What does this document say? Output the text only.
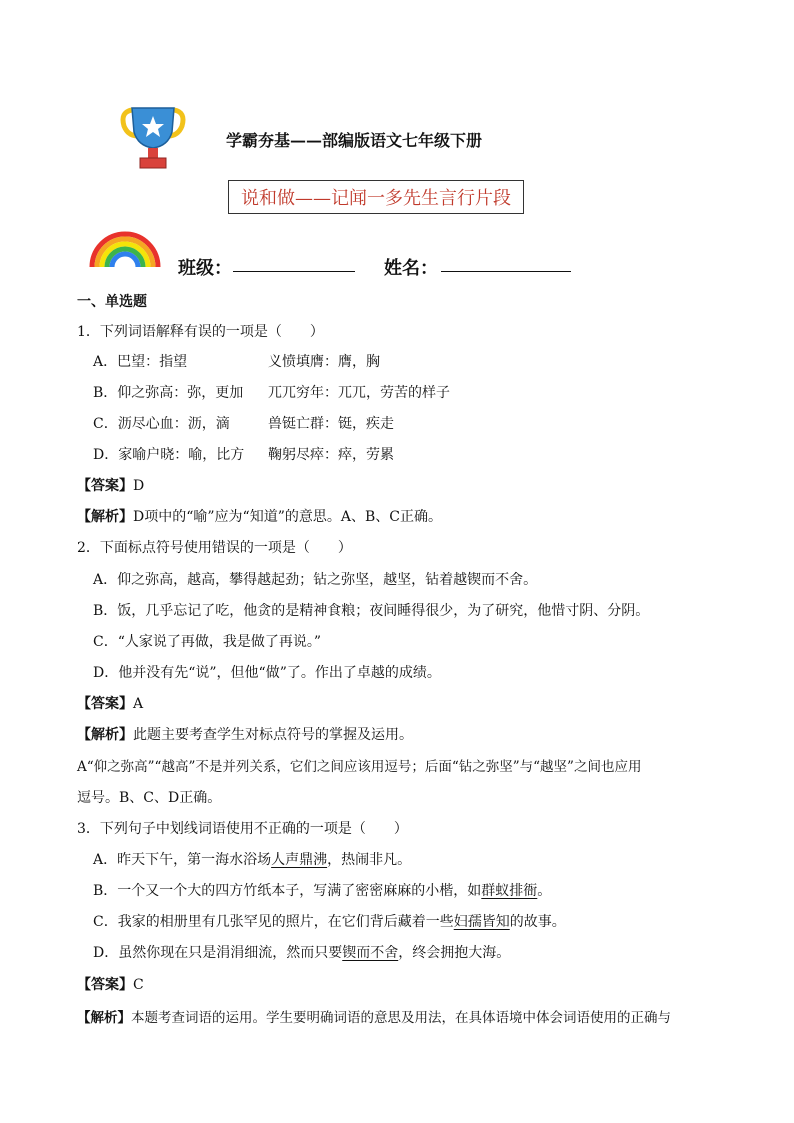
学霸夯基——部编版语文七年级下册
说和做——记闻一多先生言行片段
班级：	姓名：
一、单选题
1．下列词语解释有误的一项是（　　）
A．巴望：指望	义愤填膺：膺，胸
B．仰之弥高：弥，更加 兀兀穷年：兀兀，劳苦的样子
C．沥尽心血：沥，滴	兽铤亡群：铤，疾走
D．家喻户晓：喻，比方 鞠躬尽瘁：瘁，劳累
【答案】D
【解析】D项中的“喻”应为“知道”的意思。A、B、C正确。
2．下面标点符号使用错误的一项是（　　）
A．仰之弥高，越高，攀得越起劲；钻之弥坚，越坚，钻着越锲而不舍。
B．饭，几乎忘记了吃，他贪的是精神食粮；夜间睡得很少，为了研究，他惜寸阴、分阴。
C．“人家说了再做，我是做了再说。”
D．他并没有先“说”，但他“做”了。作出了卓越的成绩。
【答案】A
【解析】此题主要考查学生对标点符号的掌握及运用。
A“仰之弥高”“越高”不是并列关系，它们之间应该用逗号；后面“钻之弥坚”与“越坚”之间也应用
逗号。B、C、D正确。
3．下列句子中划线词语使用不正确的一项是（　　）
A．昨天下午，第一海水浴场人声鼎沸，热闹非凡。
B．一个又一个大的四方竹纸本子，写满了密密麻麻的小楷，如群蚁排衙。
C．我家的相册里有几张罕见的照片，在它们背后藏着一些妇孺皆知的故事。
D．虽然你现在只是涓涓细流，然而只要锲而不舍，终会拥抱大海。
【答案】C
【解析】本题考查词语的运用。学生要明确词语的意思及用法，在具体语境中体会词语使用的正确与
